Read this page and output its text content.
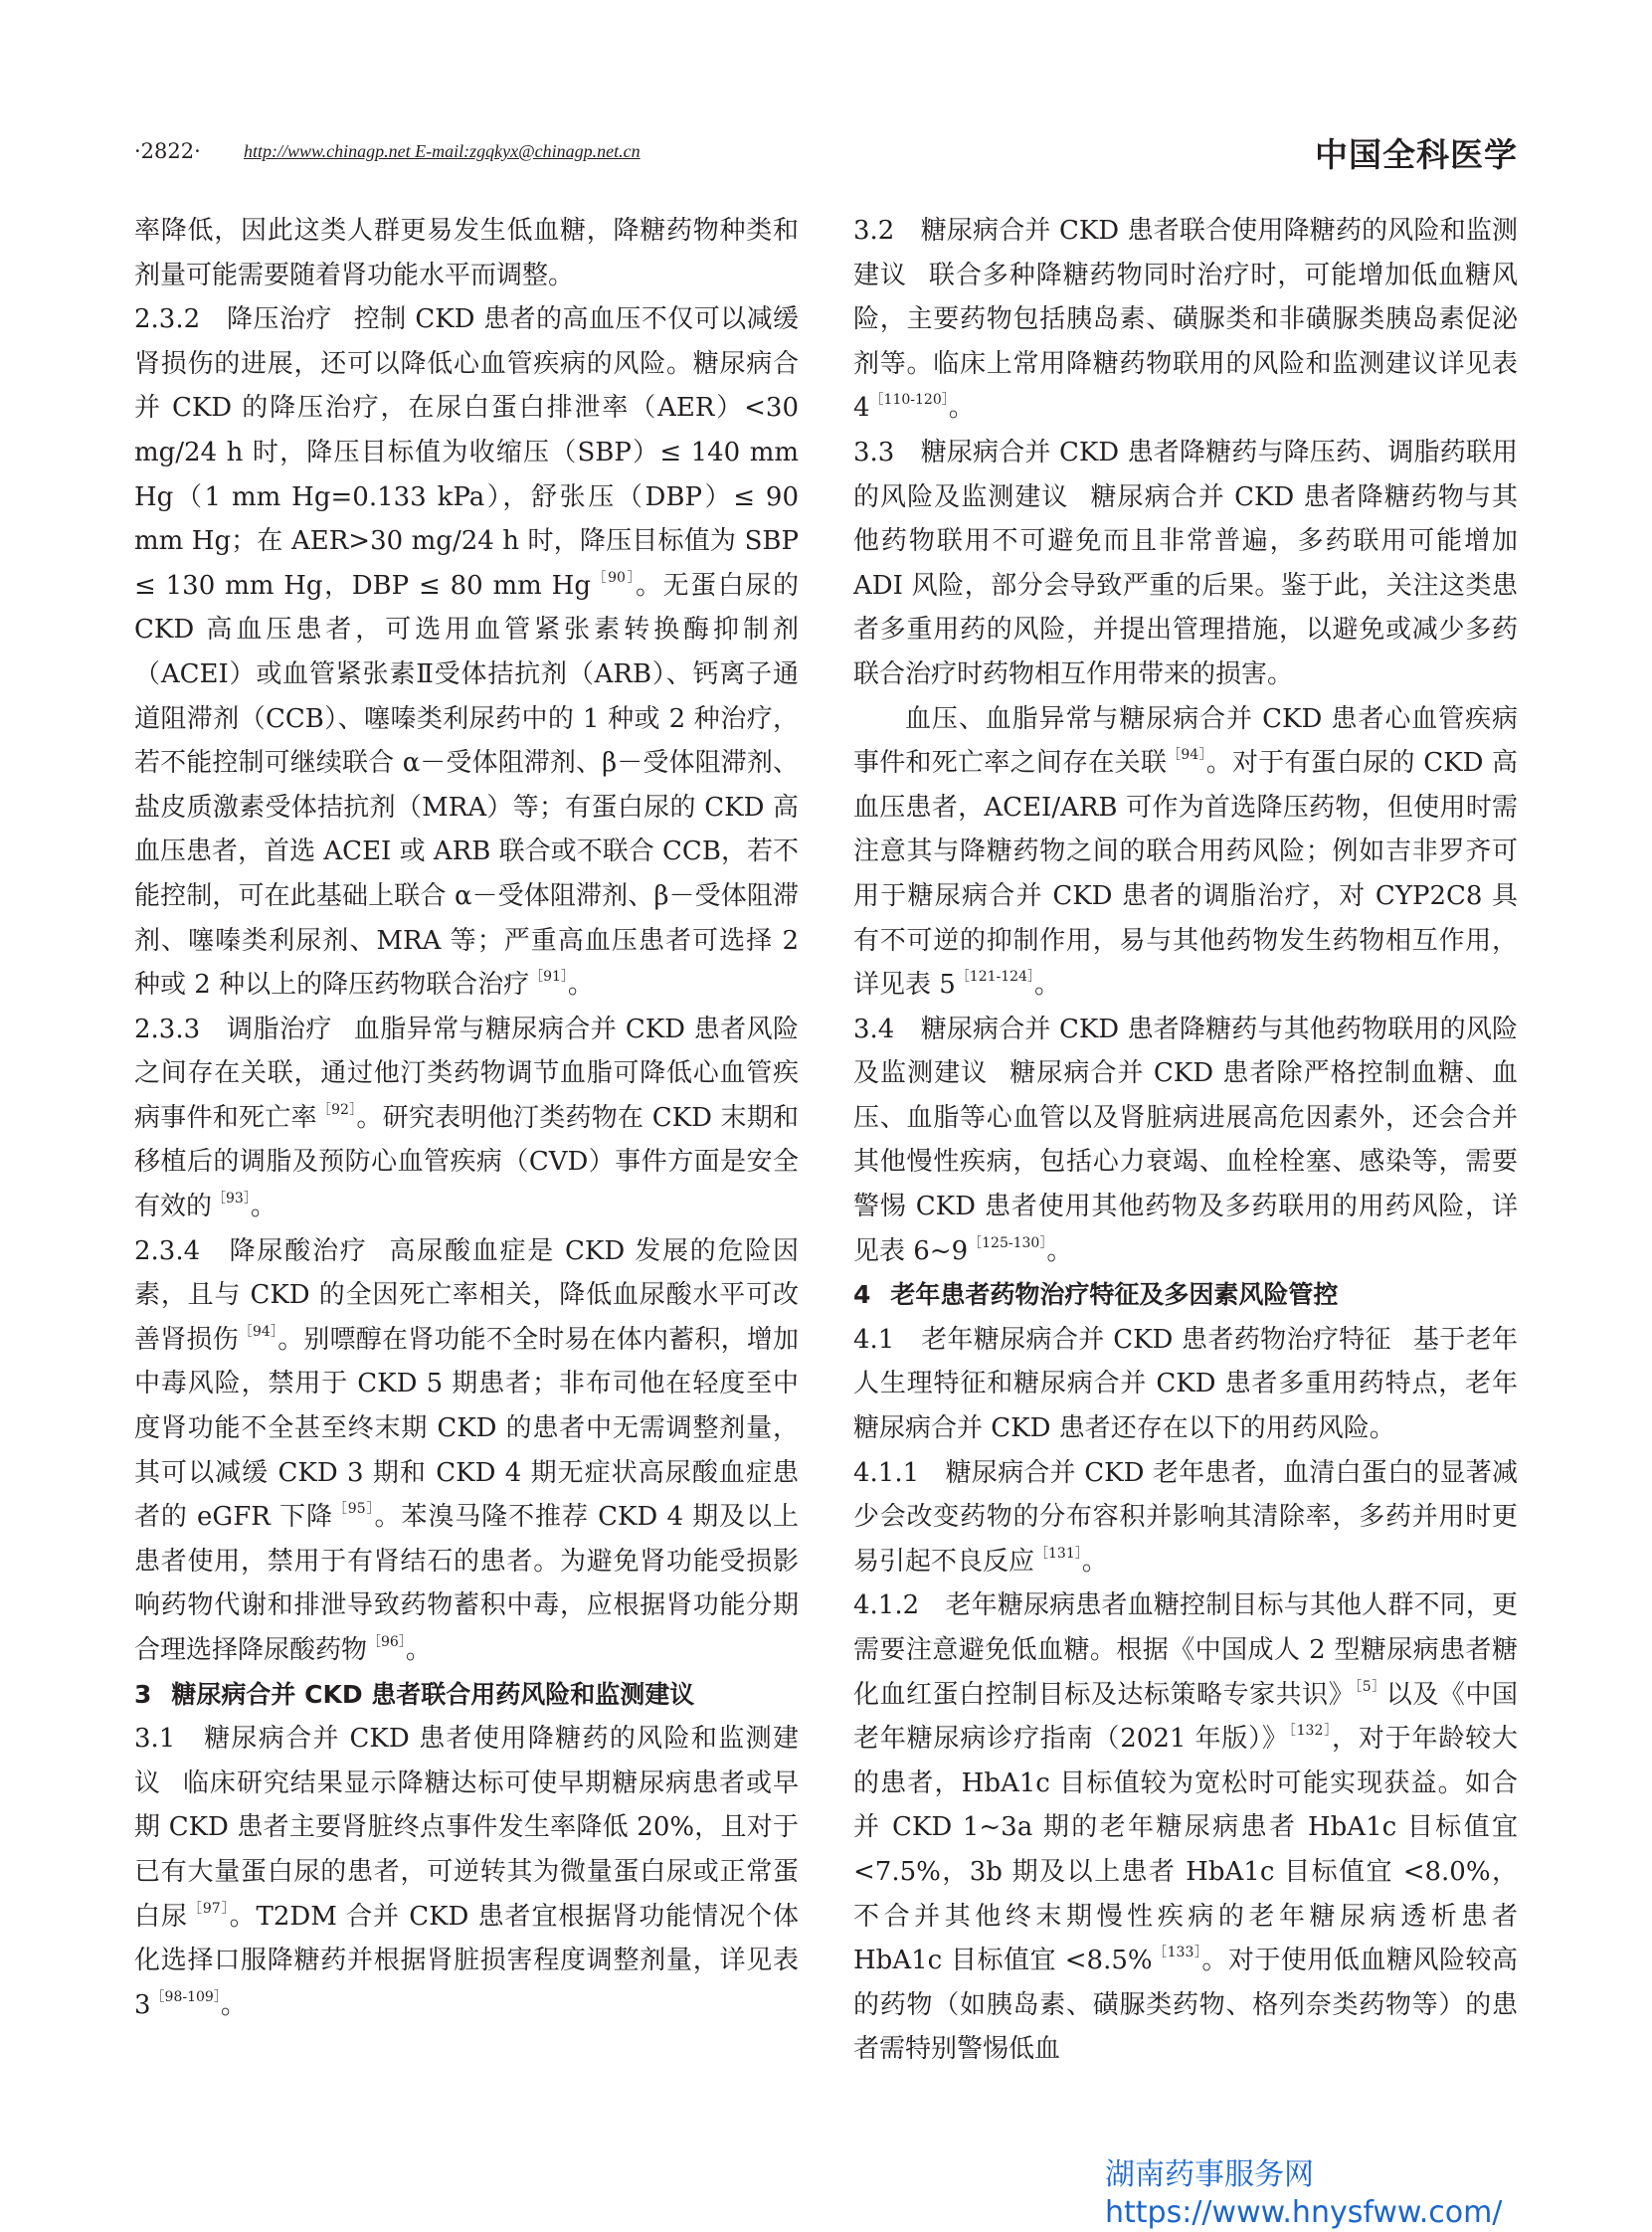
·2822· http://www.chinagp.net E-mail:zgqkyx@chinagp.net.cn	中国全科医学

率降低，因此这类人群更易发生低血糖，降糖药物种类和剂量可能需要随着肾功能水平而调整。

2.3.2　降压治疗 控制 CKD 患者的高血压不仅可以减缓肾损伤的进展，还可以降低心血管疾病的风险。糖尿病合并 CKD 的降压治疗，在尿白蛋白排泄率（AER）<30 mg/24 h 时，降压目标值为收缩压（SBP）≤ 140 mm Hg（1 mm Hg=0.133 kPa），舒张压（DBP）≤ 90 mm Hg；在 AER>30 mg/24 h 时，降压目标值为 SBP ≤ 130 mm Hg，DBP ≤ 80 mm $Hg^{[90]}$。无蛋白尿的 CKD 高血压患者，可选用血管紧张素转换酶抑制剂（ACEI）或血管紧张素Ⅱ受体拮抗剂（ARB）、钙离子通道阻滞剂（CCB）、噻嗪类利尿药中的 1 种或 2 种治疗，若不能控制可继续联合 α－受体阻滞剂、β－受体阻滞剂、盐皮质激素受体拮抗剂（MRA）等；有蛋白尿的 CKD 高血压患者，首选 ACEI 或 ARB 联合或不联合 CCB，若不能控制，可在此基础上联合 α－受体阻滞剂、β－受体阻滞剂、噻嗪类利尿剂、MRA 等；严重高血压患者可选择 2 种或 2 种以上的降压药物联合治疗$^{[91]}$。

2.3.3　调脂治疗 血脂异常与糖尿病合并 CKD 患者风险之间存在关联，通过他汀类药物调节血脂可降低心血管疾病事件和死亡率$^{[92]}$。研究表明他汀类药物在 CKD 末期和移植后的调脂及预防心血管疾病（CVD）事件方面是安全有效的$^{[93]}$。

2.3.4　降尿酸治疗 高尿酸血症是 CKD 发展的危险因素，且与 CKD 的全因死亡率相关，降低血尿酸水平可改善肾损伤$^{[94]}$。别嘌醇在肾功能不全时易在体内蓄积，增加中毒风险，禁用于 CKD 5 期患者；非布司他在轻度至中度肾功能不全甚至终末期 CKD 的患者中无需调整剂量，其可以减缓 CKD 3 期和 CKD 4 期无症状高尿酸血症患者的 eGFR 下降$^{[95]}$。苯溴马隆不推荐 CKD 4 期及以上患者使用，禁用于有肾结石的患者。为避免肾功能受损影响药物代谢和排泄导致药物蓄积中毒，应根据肾功能分期合理选择降尿酸药物$^{[96]}$。

3 糖尿病合并 CKD 患者联合用药风险和监测建议

3.1　糖尿病合并 CKD 患者使用降糖药的风险和监测建议 临床研究结果显示降糖达标可使早期糖尿病患者或早期 CKD 患者主要肾脏终点事件发生率降低 20%，且对于已有大量蛋白尿的患者，可逆转其为微量蛋白尿或正常蛋白尿$^{[97]}$。T2DM 合并 CKD 患者宜根据肾功能情况个体化选择口服降糖药并根据肾脏损害程度调整剂量，详见表 $3^{[98-109]}$。

3.2　糖尿病合并 CKD 患者联合使用降糖药的风险和监测建议 联合多种降糖药物同时治疗时，可能增加低血糖风险，主要药物包括胰岛素、磺脲类和非磺脲类胰岛素促泌剂等。临床上常用降糖药物联用的风险和监测建议详见表 $4^{[110-120]}$。

3.3　糖尿病合并 CKD 患者降糖药与降压药、调脂药联用的风险及监测建议 糖尿病合并 CKD 患者降糖药物与其他药物联用不可避免而且非常普遍，多药联用可能增加 ADI 风险，部分会导致严重的后果。鉴于此，关注这类患者多重用药的风险，并提出管理措施，以避免或减少多药联合治疗时药物相互作用带来的损害。

血压、血脂异常与糖尿病合并 CKD 患者心血管疾病事件和死亡率之间存在关联$^{[94]}$。对于有蛋白尿的 CKD 高血压患者，ACEI/ARB 可作为首选降压药物，但使用时需注意其与降糖药物之间的联合用药风险；例如吉非罗齐可用于糖尿病合并 CKD 患者的调脂治疗，对 CYP2C8 具有不可逆的抑制作用，易与其他药物发生药物相互作用，详见表 $5^{[121-124]}$。

3.4　糖尿病合并 CKD 患者降糖药与其他药物联用的风险及监测建议 糖尿病合并 CKD 患者除严格控制血糖、血压、血脂等心血管以及肾脏病进展高危因素外，还会合并其他慢性疾病，包括心力衰竭、血栓栓塞、感染等，需要警惕 CKD 患者使用其他药物及多药联用的用药风险，详见表 $6\sim 9^{[125-130]}$。

4 老年患者药物治疗特征及多因素风险管控

4.1　老年糖尿病合并 CKD 患者药物治疗特征 基于老年人生理特征和糖尿病合并 CKD 患者多重用药特点，老年糖尿病合并 CKD 患者还存在以下的用药风险。

4.1.1　糖尿病合并 CKD 老年患者，血清白蛋白的显著减少会改变药物的分布容积并影响其清除率，多药并用时更易引起不良反应$^{[131]}$。

4.1.2　老年糖尿病患者血糖控制目标与其他人群不同，更需要注意避免低血糖。根据《中国成人 2 型糖尿病患者糖化血红蛋白控制目标及达标策略专家共识》$^{[5]}$以及《中国老年糖尿病诊疗指南（2021 年版）》$^{[132]}$，对于年龄较大的患者，HbA1c 目标值较为宽松时可能实现获益。如合并 CKD 1~3a 期的老年糖尿病患者 HbA1c 目标值宜 <7.5%，3b 期及以上患者 HbA1c 目标值宜 <8.0%，不合并其他终末期慢性疾病的老年糖尿病透析患者 HbA1c 目标值宜 <8.5%$^{[133]}$。对于使用低血糖风险较高的药物（如胰岛素、磺脲类药物、格列奈类药物等）的患者需特别警惕低血

湖南药事服务网
https://www.hnysfww.com/
